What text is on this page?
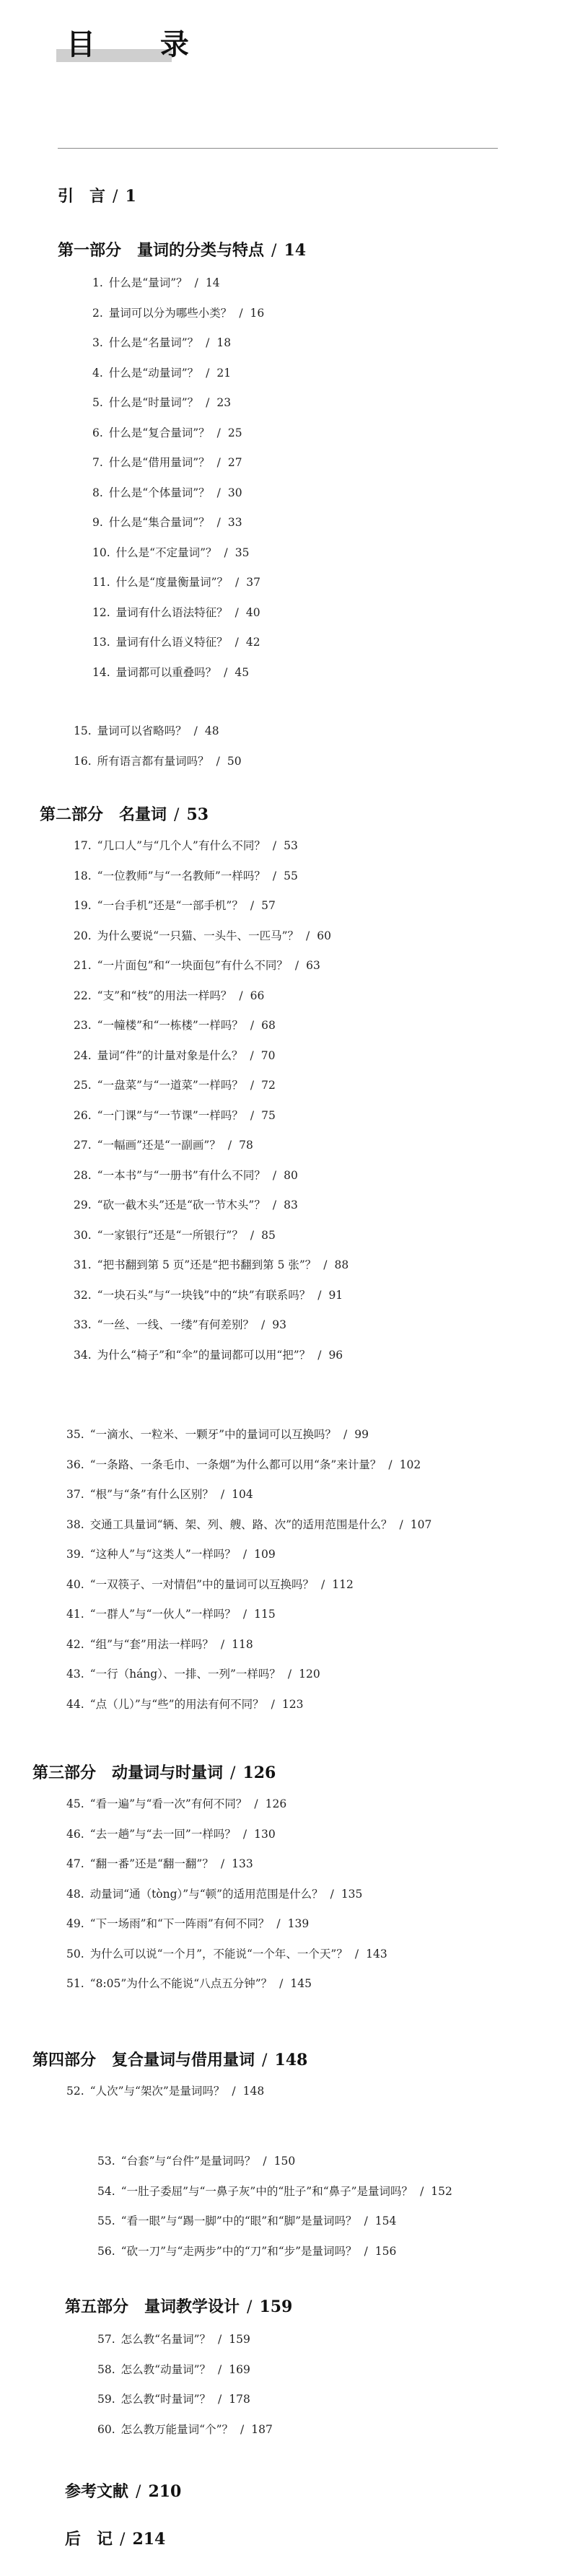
目 录
引　言 / 1
第一部分　量词的分类与特点 / 14
1. 什么是“量词”？ / 14
2. 量词可以分为哪些小类？ / 16
3. 什么是“名量词”？ / 18
4. 什么是“动量词”？ / 21
5. 什么是“时量词”？ / 23
6. 什么是“复合量词”？ / 25
7. 什么是“借用量词”？ / 27
8. 什么是“个体量词”？ / 30
9. 什么是“集合量词”？ / 33
10. 什么是“不定量词”？ / 35
11. 什么是“度量衡量词”？ / 37
12. 量词有什么语法特征？ / 40
13. 量词有什么语义特征？ / 42
14. 量词都可以重叠吗？ / 45
15. 量词可以省略吗？ / 48
16. 所有语言都有量词吗？ / 50
第二部分　名量词 / 53
17. “几口人”与“几个人”有什么不同？ / 53
18. “一位教师”与“一名教师”一样吗？ / 55
19. “一台手机”还是“一部手机”？ / 57
20. 为什么要说“一只猫、一头牛、一匹马”？ / 60
21. “一片面包”和“一块面包”有什么不同？ / 63
22. “支”和“枝”的用法一样吗？ / 66
23. “一幢楼”和“一栋楼”一样吗？ / 68
24. 量词“件”的计量对象是什么？ / 70
25. “一盘菜”与“一道菜”一样吗？ / 72
26. “一门课”与“一节课”一样吗？ / 75
27. “一幅画”还是“一副画”？ / 78
28. “一本书”与“一册书”有什么不同？ / 80
29. “砍一截木头”还是“砍一节木头”？ / 83
30. “一家银行”还是“一所银行”？ / 85
31. “把书翻到第 5 页”还是“把书翻到第 5 张”？ / 88
32. “一块石头”与“一块钱”中的“块”有联系吗？ / 91
33. “一丝、一线、一缕”有何差别？ / 93
34. 为什么“椅子”和“伞”的量词都可以用“把”？ / 96
35. “一滴水、一粒米、一颗牙”中的量词可以互换吗？ / 99
36. “一条路、一条毛巾、一条烟”为什么都可以用“条”来计量？ / 102
37. “根”与“条”有什么区别？ / 104
38. 交通工具量词“辆、架、列、艘、路、次”的适用范围是什么？ / 107
39. “这种人”与“这类人”一样吗？ / 109
40. “一双筷子、一对情侣”中的量词可以互换吗？ / 112
41. “一群人”与“一伙人”一样吗？ / 115
42. “组”与“套”用法一样吗？ / 118
43. “一行（háng）、一排、一列”一样吗？ / 120
44. “点（儿）”与“些”的用法有何不同？ / 123
第三部分　动量词与时量词 / 126
45. “看一遍”与“看一次”有何不同？ / 126
46. “去一趟”与“去一回”一样吗？ / 130
47. “翻一番”还是“翻一翻”？ / 133
48. 动量词“通（tòng）”与“顿”的适用范围是什么？ / 135
49. “下一场雨”和“下一阵雨”有何不同？ / 139
50. 为什么可以说“一个月”，不能说“一个年、一个天”？ / 143
51. “8:05”为什么不能说“八点五分钟”？ / 145
第四部分　复合量词与借用量词 / 148
52. “人次”与“架次”是量词吗？ / 148
53. “台套”与“台件”是量词吗？ / 150
54. “一肚子委屈”与“一鼻子灰”中的“肚子”和“鼻子”是量词吗？ / 152
55. “看一眼”与“踢一脚”中的“眼”和“脚”是量词吗？ / 154
56. “砍一刀”与“走两步”中的“刀”和“步”是量词吗？ / 156
第五部分　量词教学设计 / 159
57. 怎么教“名量词”？ / 159
58. 怎么教“动量词”？ / 169
59. 怎么教“时量词”？ / 178
60. 怎么教万能量词“个”？ / 187
参考文献 / 210
后　记 / 214
